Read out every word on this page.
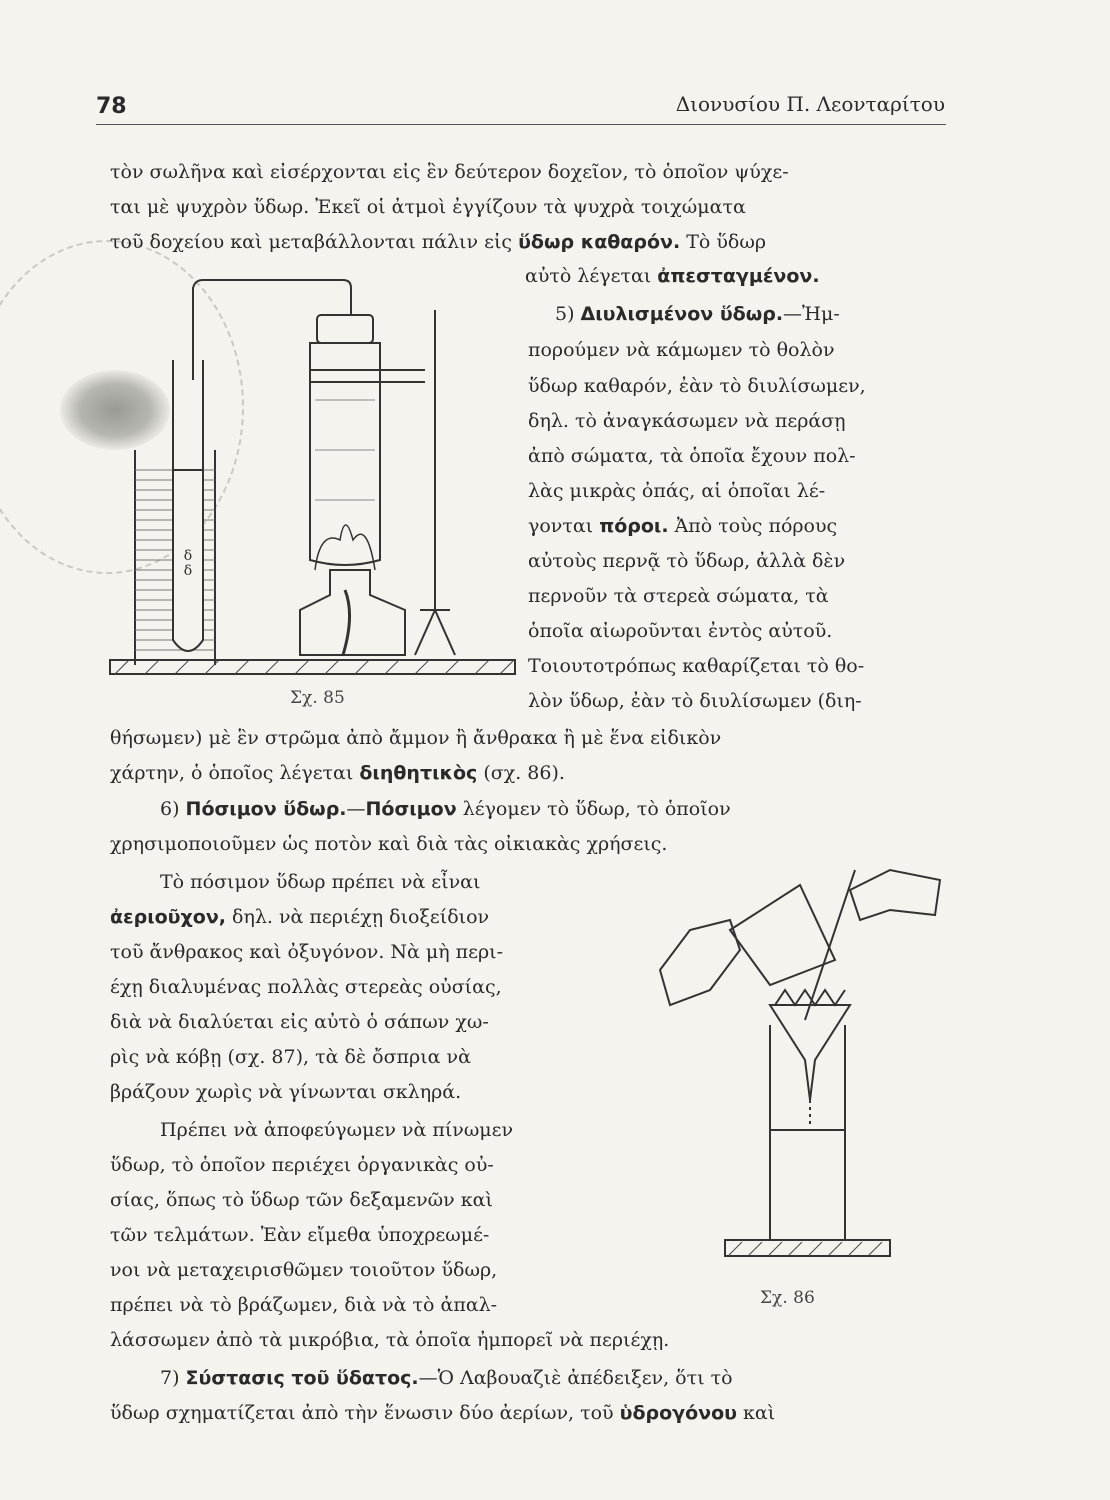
78	Διονυσίου Π. Λεονταρίτου
τὸν σωλῆνα καὶ εἰσέρχονται εἰς ἓν δεύτερον δοχεῖον, τὸ ὁποῖον ψύχε-
ται μὲ ψυχρὸν ὕδωρ. Ἐκεῖ οἱ ἀτμοὶ ἐγγίζουν τὰ ψυχρὰ τοιχώματα
τοῦ δοχείου καὶ μεταβάλλονται πάλιν εἰς ὕδωρ καθαρόν. Τὸ ὕδωρ
αὐτὸ λέγεται ἀπεσταγμένον.
5) Διυλισμένον ὕδωρ.—Ἠμ-
πορούμεν νὰ κάμωμεν τὸ θολὸν
ὕδωρ καθαρόν, ἐὰν τὸ διυλίσωμεν,
δηλ. τὸ ἀναγκάσωμεν νὰ περάσῃ
ἀπὸ σώματα, τὰ ὁποῖα ἔχουν πολ-
λὰς μικρὰς ὀπάς, αἱ ὁποῖαι λέ-
γονται πόροι. Ἀπὸ τοὺς πόρους
αὐτοὺς περνᾷ τὸ ὕδωρ, ἀλλὰ δὲν
περνοῦν τὰ στερεὰ σώματα, τὰ
ὁποῖα αἰωροῦνται ἐντὸς αὐτοῦ.
Τοιουτοτρόπως καθαρίζεται τὸ θο-
λὸν ὕδωρ, ἐὰν τὸ διυλίσωμεν (διη-
θήσωμεν) μὲ ἓν στρῶμα ἀπὸ ἄμμον ἢ ἄνθρακα ἢ μὲ ἕνα εἰδικὸν
χάρτην, ὁ ὁποῖος λέγεται διηθητικὸς (σχ. 86).
6) Πόσιμον ὕδωρ.—Πόσιμον λέγομεν τὸ ὕδωρ, τὸ ὁποῖον
χρησιμοποιοῦμεν ὡς ποτὸν καὶ διὰ τὰς οἰκιακὰς χρήσεις.
Τὸ πόσιμον ὕδωρ πρέπει νὰ εἶναι
ἀεριοῦχον, δηλ. νὰ περιέχῃ διοξείδιον
τοῦ ἄνθρακος καὶ ὀξυγόνον. Νὰ μὴ περι-
έχῃ διαλυμένας πολλὰς στερεὰς οὐσίας,
διὰ νὰ διαλύεται εἰς αὐτὸ ὁ σάπων χω-
ρὶς νὰ κόβῃ (σχ. 87), τὰ δὲ ὄσπρια νὰ
βράζουν χωρὶς νὰ γίνωνται σκληρά.
Πρέπει νὰ ἀποφεύγωμεν νὰ πίνωμεν
ὕδωρ, τὸ ὁποῖον περιέχει ὀργανικὰς οὐ-
σίας, ὅπως τὸ ὕδωρ τῶν δεξαμενῶν καὶ
τῶν τελμάτων. Ἐὰν εἴμεθα ὑποχρεωμέ-
νοι νὰ μεταχειρισθῶμεν τοιοῦτον ὕδωρ,
πρέπει νὰ τὸ βράζωμεν, διὰ νὰ τὸ ἀπαλ-
λάσσωμεν ἀπὸ τὰ μικρόβια, τὰ ὁποῖα ἠμπορεῖ νὰ περιέχῃ.
7) Σύστασις τοῦ ὕδατος.—Ὁ Λαβουαζιὲ ἀπέδειξεν, ὅτι τὸ
ὕδωρ σχηματίζεται ἀπὸ τὴν ἕνωσιν δύο ἀερίων, τοῦ ὑδρογόνου καὶ
δ
δ
Σχ. 85
Σχ. 86
